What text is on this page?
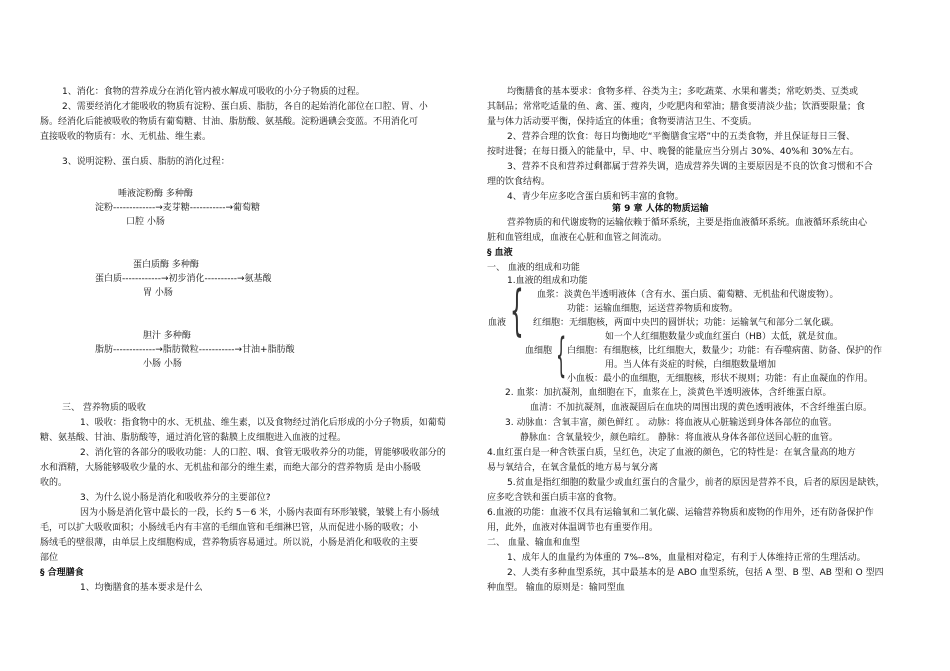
1、消化：食物的营养成分在消化管内被水解成可吸收的小分子物质的过程。
2、需要经消化才能吸收的物质有淀粉、蛋白质、脂肪，各自的起始消化部位在口腔、胃、小
肠。经消化后能被吸收的物质有葡萄糖、甘油、脂肪酸、氨基酸。淀粉遇碘会变蓝。不用消化可
直接吸收的物质有：水、无机盐、维生素。
3、说明淀粉、蛋白质、脂肪的消化过程：
唾液淀粉酶 多种酶
淀粉-------------→麦芽糖-----------→葡萄糖
口腔 小肠
蛋白质酶 多种酶
蛋白质------------→初步消化----------→氨基酸
胃 小肠
胆汁 多种酶
脂肪-------------→脂肪微粒-----------→甘油+脂肪酸
小肠 小肠
三、 营养物质的吸收
1、吸收：指食物中的水、无机盐、维生素，以及食物经过消化后形成的小分子物质，如葡萄
糖、氨基酸、甘油、脂肪酸等，通过消化管的黏膜上皮细胞进入血液的过程。
2、消化管的各部分的吸收功能：人的口腔、咽、食管无吸收养分的功能，胃能够吸收部分的
水和酒精，大肠能够吸收少量的水、无机盐和部分的维生素，而绝大部分的营养物质 是由小肠吸
收的。
3、为什么说小肠是消化和吸收养分的主要部位?
因为小肠是消化管中最长的一段，长约 5－6 米，小肠内表面有环形皱襞，皱襞上有小肠绒
毛，可以扩大吸收面积；小肠绒毛内有丰富的毛细血管和毛细淋巴管，从而促进小肠的吸收；小
肠绒毛的壁很薄，由单层上皮细胞构成，营养物质容易通过。所以说，小肠是消化和吸收的主要
部位
§ 合理膳食
1、均衡膳食的基本要求是什么
均衡膳食的基本要求：食物多样、谷类为主；多吃蔬菜、水果和薯类；常吃奶类、豆类或
其制品；常常吃适量的鱼、禽、蛋、瘦肉，少吃肥肉和荤油；膳食要清淡少盐；饮酒要限量；食
量与体力活动要平衡，保持适宜的体重；食物要清洁卫生、不变质。
2、营养合理的饮食：每日均衡地吃“平衡膳食宝塔”中的五类食物，并且保证每日三餐、
按时进餐；在每日摄入的能量中，早、中、晚餐的能量应当分别占 30%、40%和 30%左右。
3、营养不良和营养过剩都属于营养失调，造成营养失调的主要原因是不良的饮食习惯和不合
理的饮食结构。
4、青少年应多吃含蛋白质和钙丰富的食物。
第 9 章 人体的物质运输
营养物质的和代谢废物的运输依赖于循环系统，主要是指血液循环系统。血液循环系统由心
脏和血管组成，血液在心脏和血管之间流动。
§ 血液
一、 血液的组成和功能
1.血液的组成和功能
血浆：淡黄色半透明液体（含有水、蛋白质、葡萄糖、无机盐和代谢废物）。
功能：运输血细胞，运送营养物质和废物。
血液 { 红细胞：无细胞核，两面中央凹的圆饼状；功能：运输氧气和部分二氧化碳。
如一个人红细胞数量少或血红蛋白（HB）太低，就是贫血。
血细胞 { 白细胞：有细胞核，比红细胞大，数量少；功能：有吞噬病菌、防备、保护的作
用。当人体有炎症的时候，白细胞数量增加
小血板：最小的血细胞，无细胞核，形状不规则；功能：有止血凝血的作用。
2. 血浆：加抗凝剂，血细胞在下，血浆在上，淡黄色半透明液体，含纤维蛋白原。
血清：不加抗凝剂，血液凝固后在血块的周围出现的黄色透明液体，不含纤维蛋白原。
3. 动脉血：含氧丰富，颜色鲜红 。 动脉：将血液从心脏输送到身体各部位的血管。
静脉血：含氧量较少，颜色暗红。 静脉：将血液从身体各部位送回心脏的血管。
4.血红蛋白是一种含铁蛋白质，呈红色，决定了血液的颜色，它的特性是：在氧含量高的地方
易与氧结合，在氧含量低的地方易与氧分离
5.贫血是指红细胞的数量少或血红蛋白的含量少，前者的原因是营养不良，后者的原因是缺铁，
应多吃含铁和蛋白质丰富的食物。
6.血液的功能：血液不仅具有运输氧和二氧化碳、运输营养物质和废物的作用外，还有防备保护作
用，此外，血液对体温调节也有重要作用。
二、 血量、输血和血型
1、成年人的血量约为体重的 7%--8%，血量相对稳定，有利于人体维持正常的生理活动。
2、人类有多种血型系统，其中最基本的是 ABO 血型系统，包括 A 型、B 型、AB 型和 O 型四
种血型。 输血的原则是：输同型血
